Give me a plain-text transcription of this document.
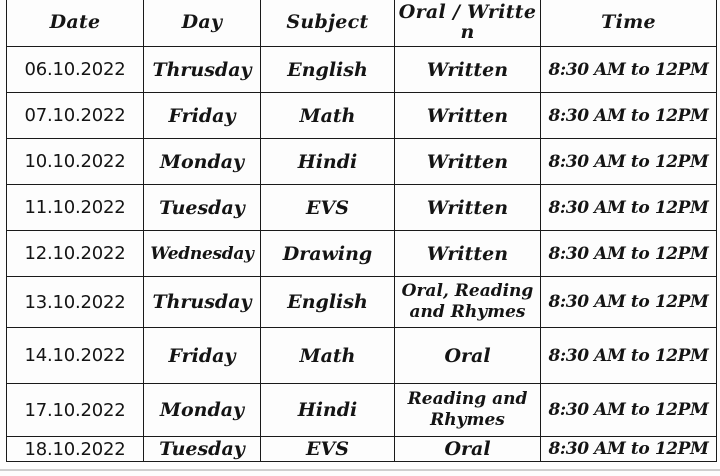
Date	Day	Subject	Oral / Written	Time
06.10.2022	Thrusday	English	Written	8:30 AM to 12PM
07.10.2022	Friday	Math	Written	8:30 AM to 12PM
10.10.2022	Monday	Hindi	Written	8:30 AM to 12PM
11.10.2022	Tuesday	EVS	Written	8:30 AM to 12PM
12.10.2022	Wednesday	Drawing	Written	8:30 AM to 12PM
13.10.2022	Thrusday	English	Oral, Reading and Rhymes	8:30 AM to 12PM
14.10.2022	Friday	Math	Oral	8:30 AM to 12PM
17.10.2022	Monday	Hindi	Reading and Rhymes	8:30 AM to 12PM
18.10.2022	Tuesday	EVS	Oral	8:30 AM to 12PM
